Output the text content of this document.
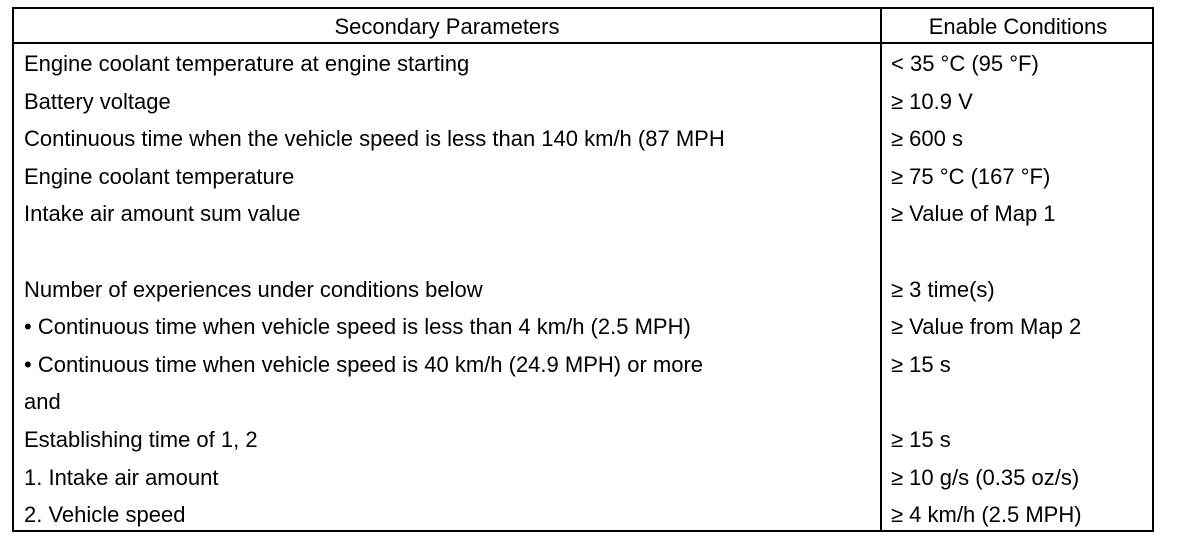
Secondary Parameters	Enable Conditions
Engine coolant temperature at engine starting	< 35 °C (95 °F)
Battery voltage	≥ 10.9 V
Continuous time when the vehicle speed is less than 140 km/h (87 MPH	≥ 600 s
Engine coolant temperature	≥ 75 °C (167 °F)
Intake air amount sum value	≥ Value of Map 1
Number of experiences under conditions below	≥ 3 time(s)
• Continuous time when vehicle speed is less than 4 km/h (2.5 MPH)	≥ Value from Map 2
• Continuous time when vehicle speed is 40 km/h (24.9 MPH) or more	≥ 15 s
and
Establishing time of 1, 2	≥ 15 s
1. Intake air amount	≥ 10 g/s (0.35 oz/s)
2. Vehicle speed	≥ 4 km/h (2.5 MPH)
